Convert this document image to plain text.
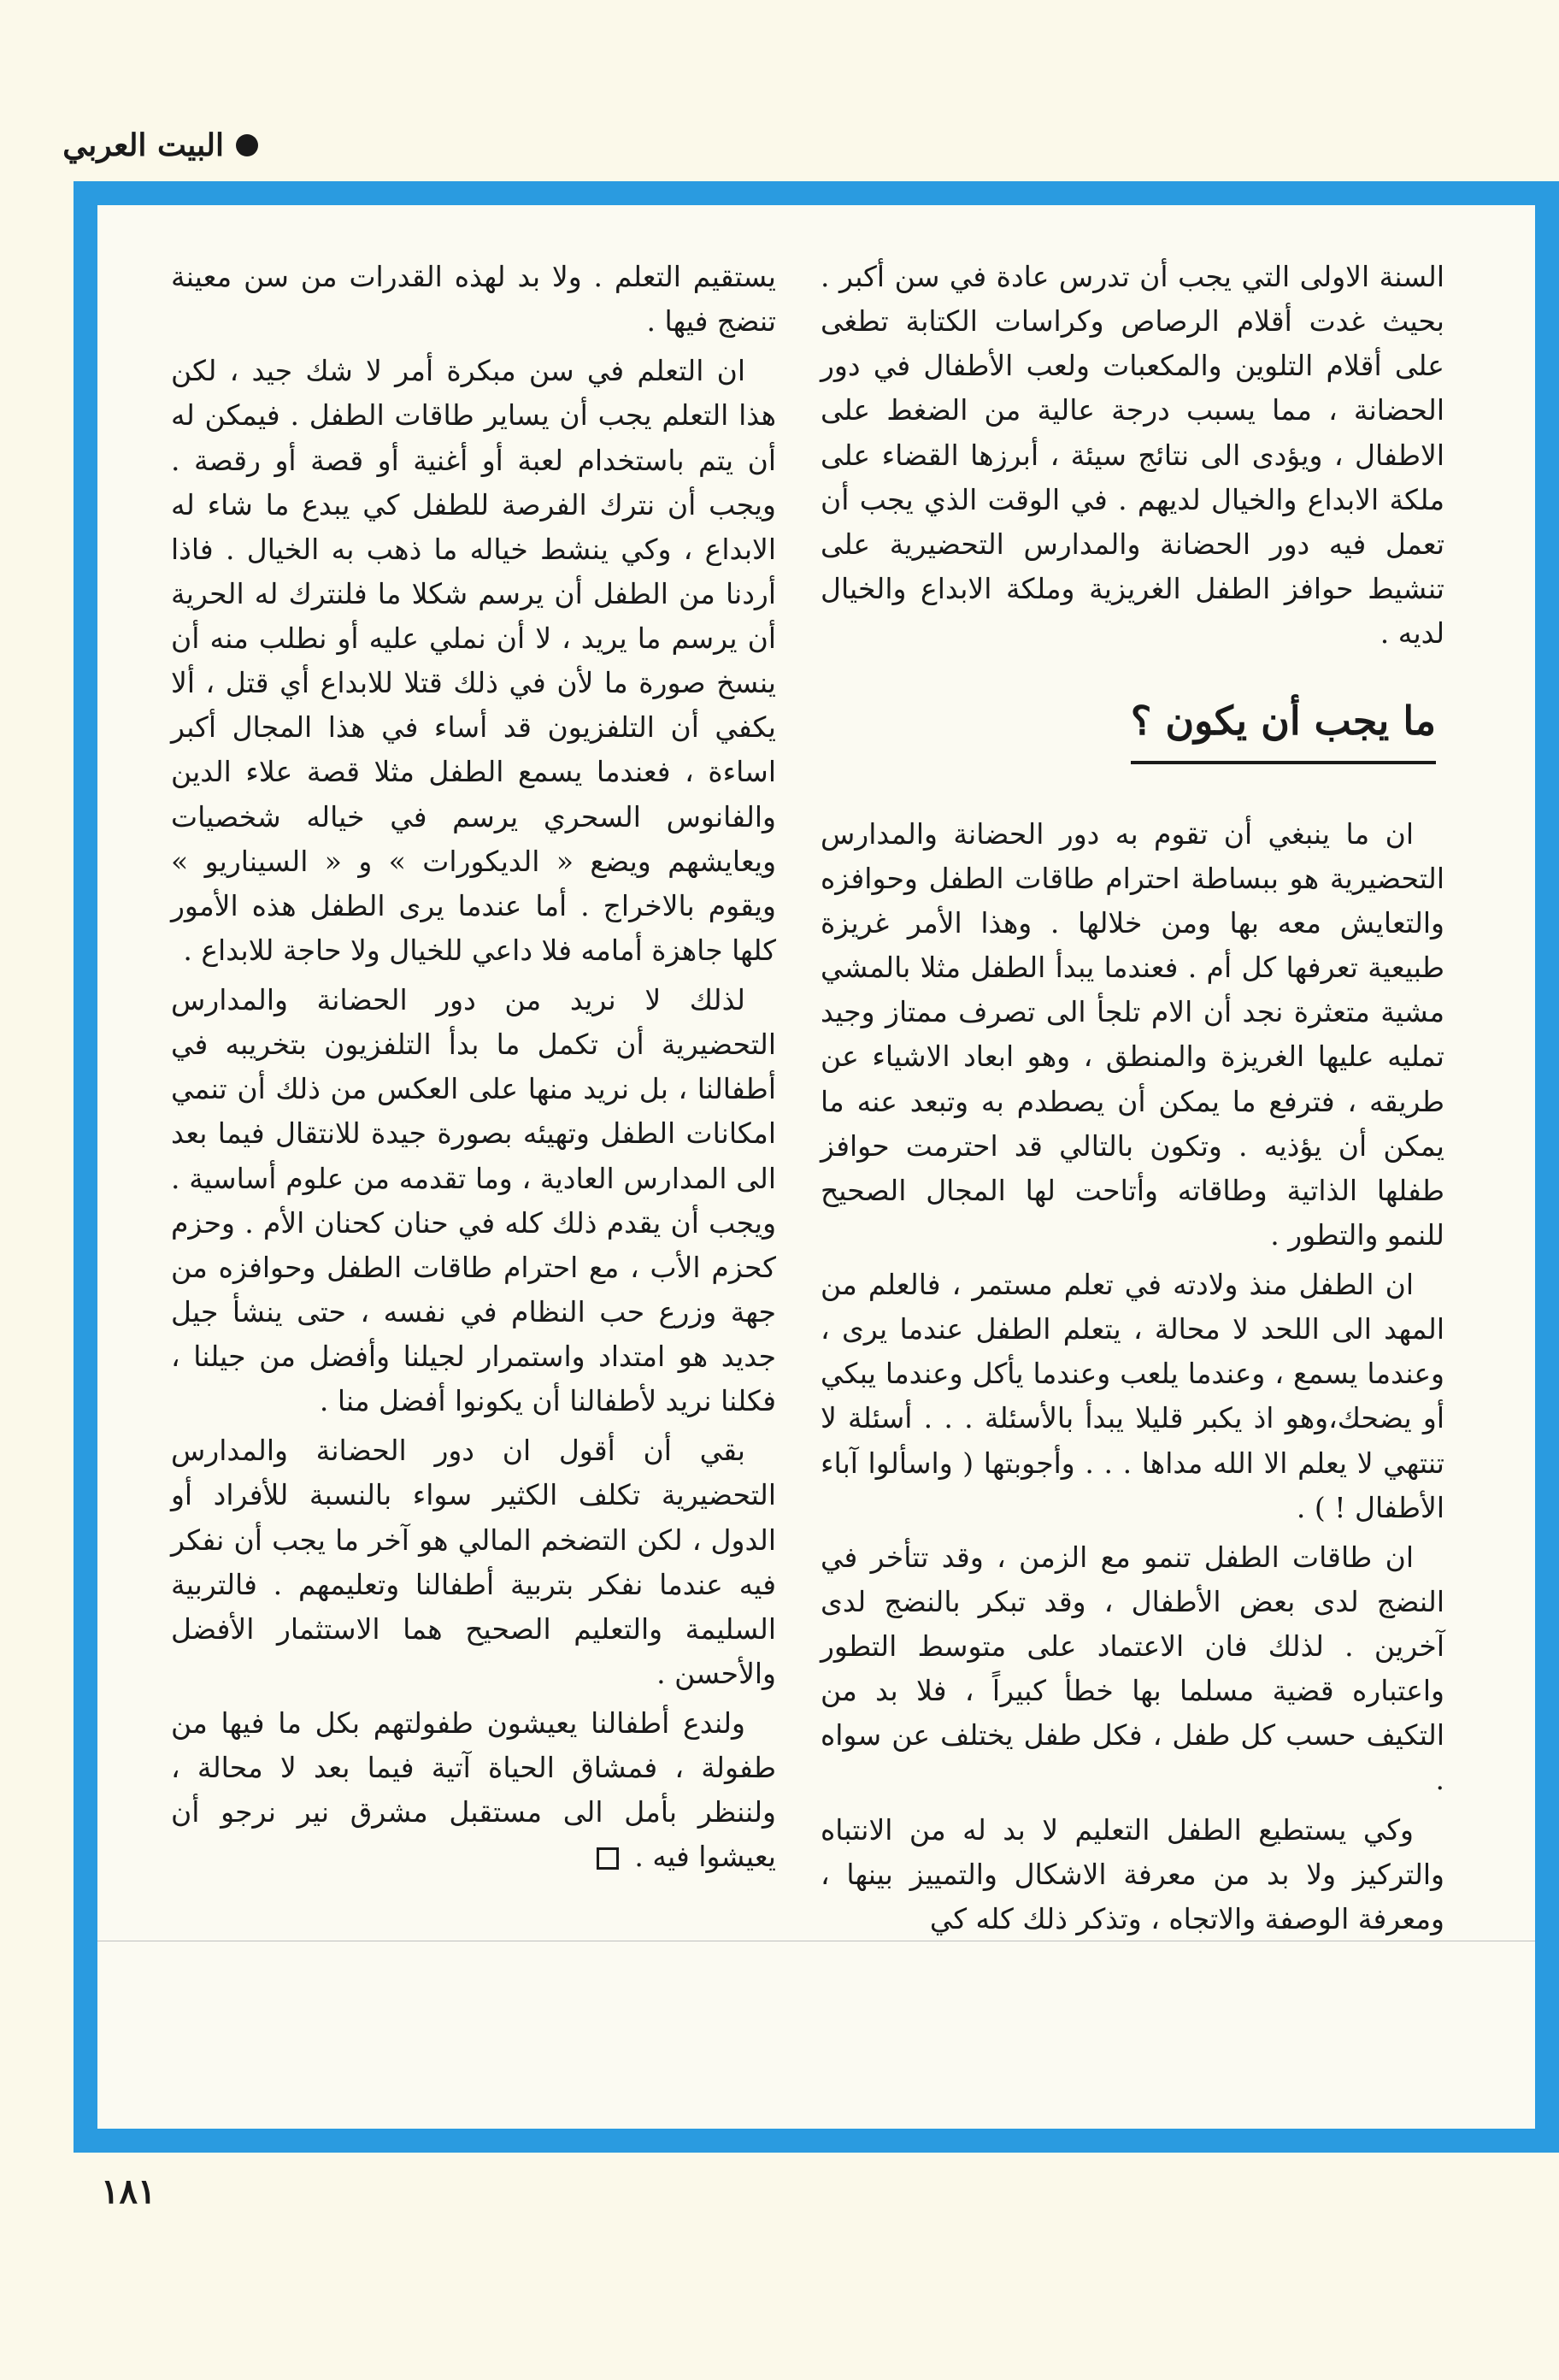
البيت العربي

السنة الاولى التي يجب أن تدرس عادة في سن أكبر . بحيث غدت أقلام الرصاص وكراسات الكتابة تطغى على أقلام التلوين والمكعبات ولعب الأطفال في دور الحضانة ، مما يسبب درجة عالية من الضغط على الاطفال ، ويؤدى الى نتائج سيئة ، أبرزها القضاء على ملكة الابداع والخيال لديهم . في الوقت الذي يجب أن تعمل فيه دور الحضانة والمدارس التحضيرية على تنشيط حوافز الطفل الغريزية وملكة الابداع والخيال لديه .

ما يجب أن يكون ؟

ان ما ينبغي أن تقوم به دور الحضانة والمدارس التحضيرية هو ببساطة احترام طاقات الطفل وحوافزه والتعايش معه بها ومن خلالها . وهذا الأمر غريزة طبيعية تعرفها كل أم . فعندما يبدأ الطفل مثلا بالمشي مشية متعثرة نجد أن الام تلجأ الى تصرف ممتاز وجيد تمليه عليها الغريزة والمنطق ، وهو ابعاد الاشياء عن طريقه ، فترفع ما يمكن أن يصطدم به وتبعد عنه ما يمكن أن يؤذيه . وتكون بالتالي قد احترمت حوافز طفلها الذاتية وطاقاته وأتاحت لها المجال الصحيح للنمو والتطور .

ان الطفل منذ ولادته في تعلم مستمر ، فالعلم من المهد الى اللحد لا محالة ، يتعلم الطفل عندما يرى ، وعندما يسمع ، وعندما يلعب وعندما يأكل وعندما يبكي أو يضحك،وهو اذ يكبر قليلا يبدأ بالأسئلة . . . أسئلة لا تنتهي لا يعلم الا الله مداها . . . وأجوبتها ( واسألوا آباء الأطفال ! ) .

ان طاقات الطفل تنمو مع الزمن ، وقد تتأخر في النضج لدى بعض الأطفال ، وقد تبكر بالنضج لدى آخرين . لذلك فان الاعتماد على متوسط التطور واعتباره قضية مسلما بها خطأ كبيراً ، فلا بد من التكيف حسب كل طفل ، فكل طفل يختلف عن سواه .

وكي يستطيع الطفل التعليم لا بد له من الانتباه والتركيز ولا بد من معرفة الاشكال والتمييز بينها ، ومعرفة الوصفة والاتجاه ، وتذكر ذلك كله كي

يستقيم التعلم . ولا بد لهذه القدرات من سن معينة تنضج فيها .

ان التعلم في سن مبكرة أمر لا شك جيد ، لكن هذا التعلم يجب أن يساير طاقات الطفل . فيمكن له أن يتم باستخدام لعبة أو أغنية أو قصة أو رقصة . ويجب أن نترك الفرصة للطفل كي يبدع ما شاء له الابداع ، وكي ينشط خياله ما ذهب به الخيال . فاذا أردنا من الطفل أن يرسم شكلا ما فلنترك له الحرية أن يرسم ما يريد ، لا أن نملي عليه أو نطلب منه أن ينسخ صورة ما لأن في ذلك قتلا للابداع أي قتل ، ألا يكفي أن التلفزيون قد أساء في هذا المجال أكبر اساءة ، فعندما يسمع الطفل مثلا قصة علاء الدين والفانوس السحري يرسم في خياله شخصيات ويعايشهم ويضع « الديكورات » و « السيناريو » ويقوم بالاخراج . أما عندما يرى الطفل هذه الأمور كلها جاهزة أمامه فلا داعي للخيال ولا حاجة للابداع .

لذلك لا نريد من دور الحضانة والمدارس التحضيرية أن تكمل ما بدأ التلفزيون بتخريبه في أطفالنا ، بل نريد منها على العكس من ذلك أن تنمي امكانات الطفل وتهيئه بصورة جيدة للانتقال فيما بعد الى المدارس العادية ، وما تقدمه من علوم أساسية . ويجب أن يقدم ذلك كله في حنان كحنان الأم . وحزم كحزم الأب ، مع احترام طاقات الطفل وحوافزه من جهة وزرع حب النظام في نفسه ، حتى ينشأ جيل جديد هو امتداد واستمرار لجيلنا وأفضل من جيلنا ، فكلنا نريد لأطفالنا أن يكونوا أفضل منا .

بقي أن أقول ان دور الحضانة والمدارس التحضيرية تكلف الكثير سواء بالنسبة للأفراد أو الدول ، لكن التضخم المالي هو آخر ما يجب أن نفكر فيه عندما نفكر بتربية أطفالنا وتعليمهم . فالتربية السليمة والتعليم الصحيح هما الاستثمار الأفضل والأحسن .

ولندع أطفالنا يعيشون طفولتهم بكل ما فيها من طفولة ، فمشاق الحياة آتية فيما بعد لا محالة ، ولننظر بأمل الى مستقبل مشرق نير نرجو أن يعيشوا فيه .

١٨١
